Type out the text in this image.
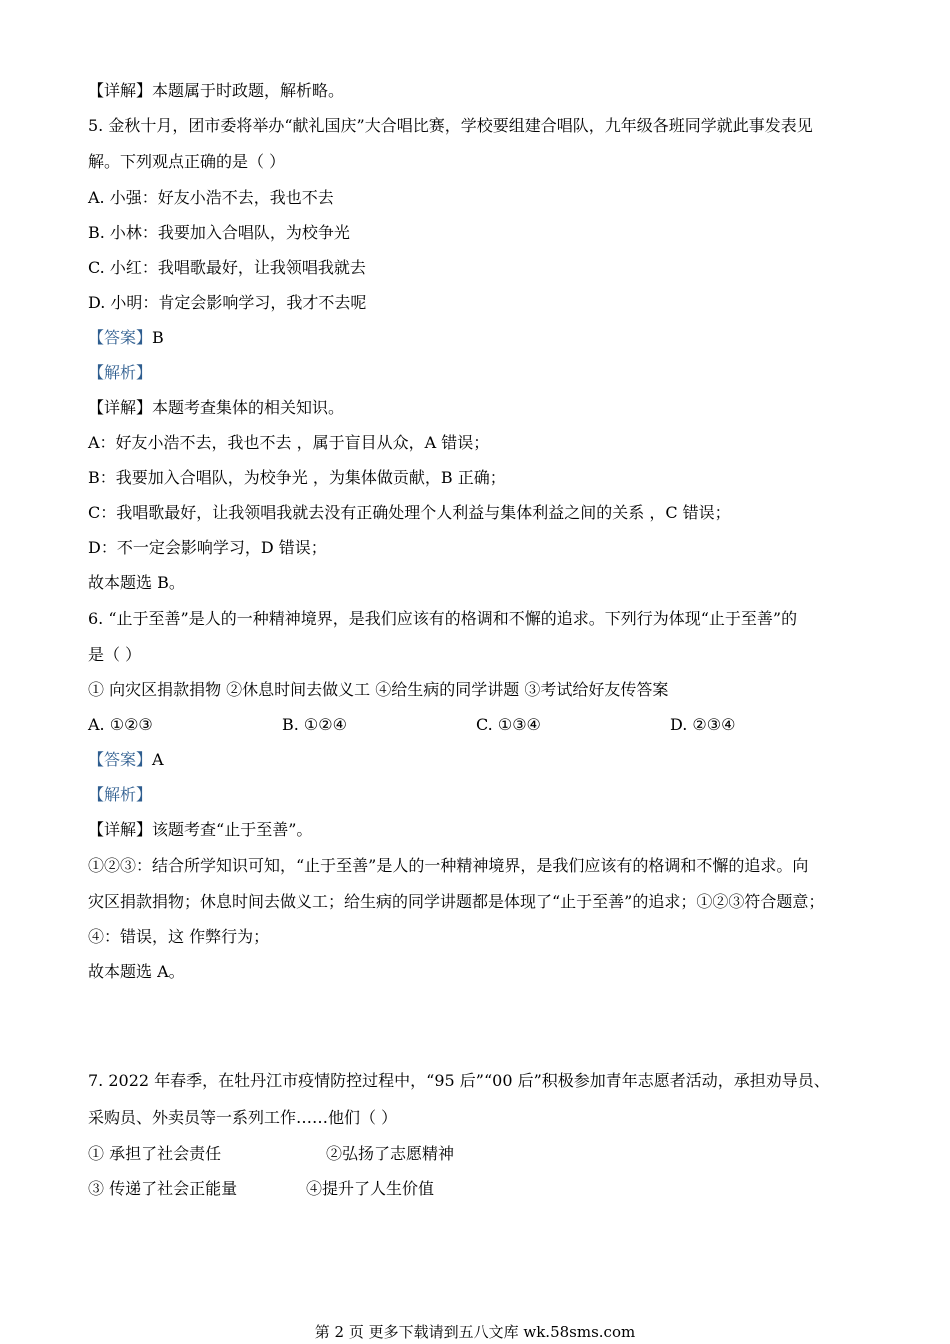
【详解】本题属于时政题，解析略。
5. 金秋十月，团市委将举办“献礼国庆”大合唱比赛，学校要组建合唱队，九年级各班同学就此事发表见
解。下列观点正确的是（ ）
A. 小强：好友小浩不去，我也不去
B. 小林：我要加入合唱队，为校争光
C. 小红：我唱歌最好，让我领唱我就去
D. 小明：肯定会影响学习，我才不去呢
【答案】B
【解析】
【详解】本题考查集体的相关知识。
A：好友小浩不去，我也不去 ，属于盲目从众，A 错误；
B：我要加入合唱队，为校争光 ，为集体做贡献，B 正确；
C：我唱歌最好，让我领唱我就去没有正确处理个人利益与集体利益之间的关系 ，C 错误；
D：不一定会影响学习，D 错误；
故本题选 B。
6. “止于至善”是人的一种精神境界，是我们应该有的格调和不懈的追求。下列行为体现“止于至善”的
是（ ）
① 向灾区捐款捐物 ②休息时间去做义工 ④给生病的同学讲题 ③考试给好友传答案
A. ①②③	B. ①②④	C. ①③④	D. ②③④
【答案】A
【解析】
【详解】该题考查“止于至善”。
①②③：结合所学知识可知，“止于至善”是人的一种精神境界，是我们应该有的格调和不懈的追求。向
灾区捐款捐物；休息时间去做义工；给生病的同学讲题都是体现了“止于至善”的追求；①②③符合题意；
④：错误，这 作弊行为；
故本题选 A。
7. 2022 年春季，在牡丹江市疫情防控过程中，“95 后”“00 后”积极参加青年志愿者活动，承担劝导员、
采购员、外卖员等一系列工作……他们（ ）
① 承担了社会责任	②弘扬了志愿精神
③ 传递了社会正能量	④提升了人生价值
第 2 页 更多下载请到五八文库 wk.58sms.com
